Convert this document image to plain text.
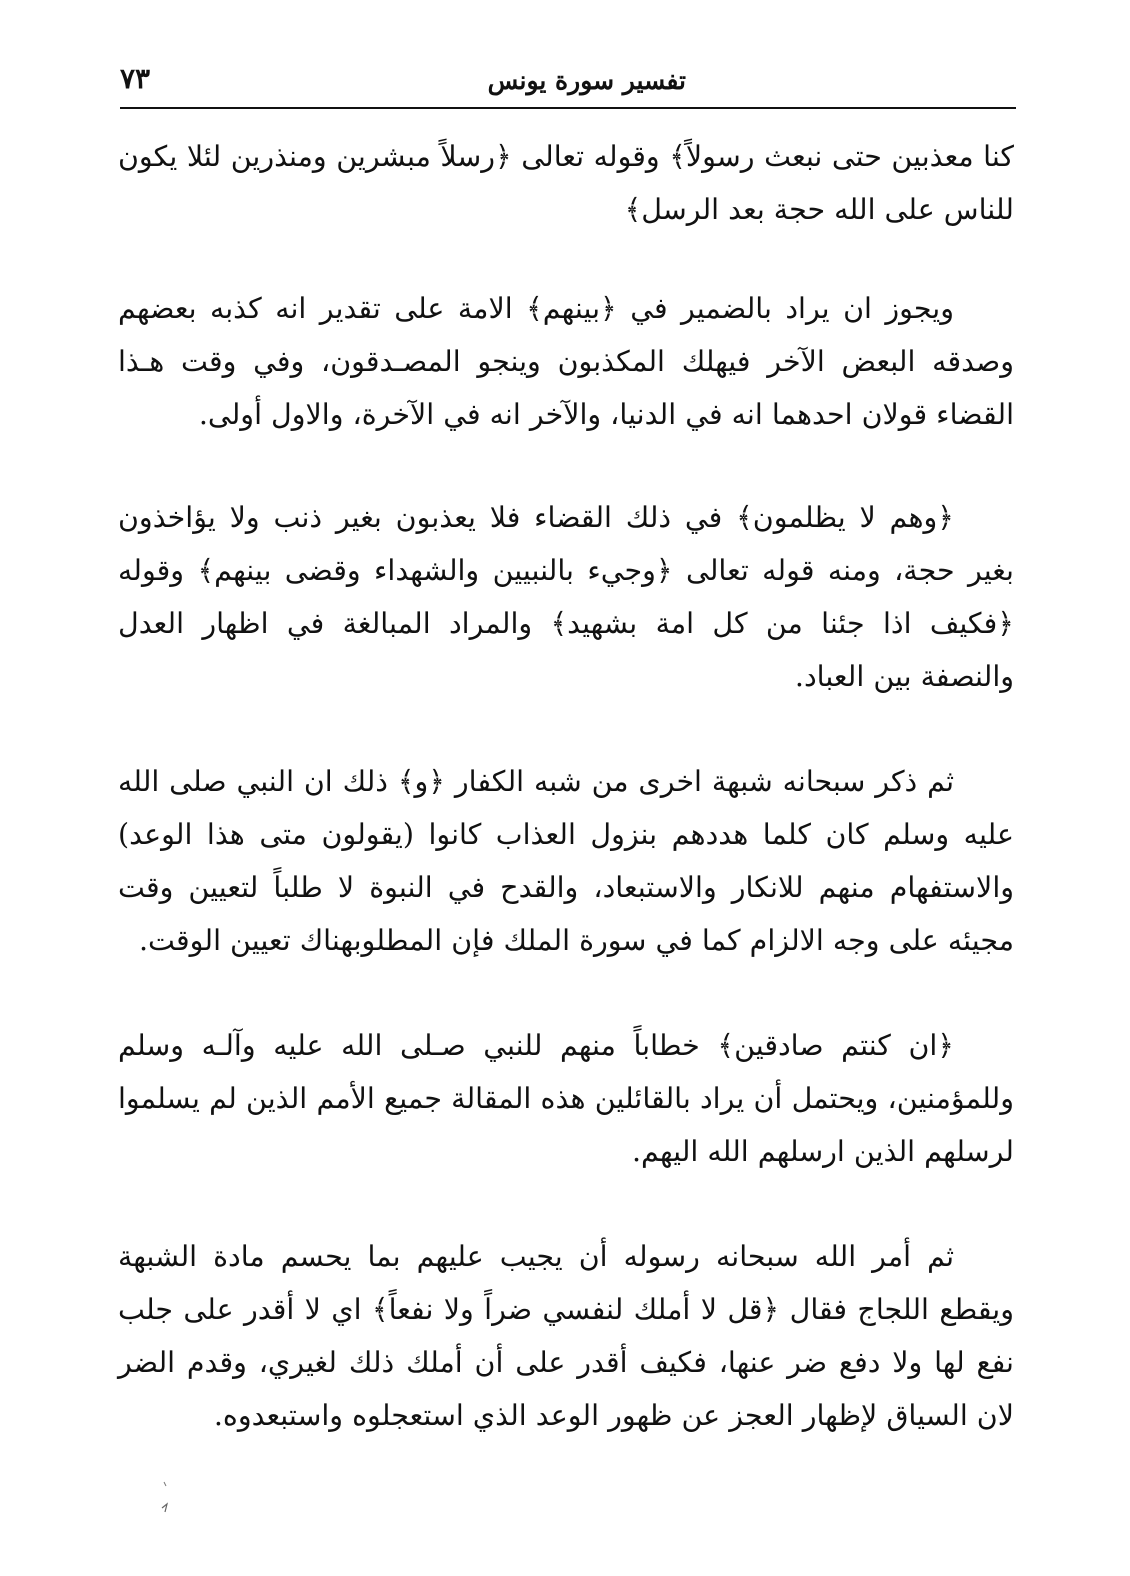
تفسير سورة يونس
٧٣

كنا معذبين حتى نبعث رسولاً﴾ وقوله تعالى ﴿رسلاً مبشرين ومنذرين لئلا يكون للناس على الله حجة بعد الرسل﴾

ويجوز ان يراد بالضمير في ﴿بينهم﴾ الامة على تقدير انه كذبه بعضهم وصدقه البعض الآخر فيهلك المكذبون وينجو المصـدقون، وفي وقت هـذا القضاء قولان احدهما انه في الدنيا، والآخر انه في الآخرة، والاول أولى.

﴿وهم لا يظلمون﴾ في ذلك القضاء فلا يعذبون بغير ذنب ولا يؤاخذون بغير حجة، ومنه قوله تعالى ﴿وجيء بالنبيين والشهداء وقضى بينهم﴾ وقوله ﴿فكيف اذا جئنا من كل امة بشهيد﴾ والمراد المبالغة في اظهار العدل والنصفة بين العباد.

ثم ذكر سبحانه شبهة اخرى من شبه الكفار ﴿و﴾ ذلك ان النبي صلى الله عليه وسلم كان كلما هددهم بنزول العذاب كانوا (يقولون متى هذا الوعد) والاستفهام منهم للانكار والاستبعاد، والقدح في النبوة لا طلباً لتعيين وقت مجيئه على وجه الالزام كما في سورة الملك فإن المطلوبهناك تعيين الوقت.

﴿ان كنتم صادقين﴾ خطاباً منهم للنبي صـلى الله عليه وآلـه وسلم وللمؤمنين، ويحتمل أن يراد بالقائلين هذه المقالة جميع الأمم الذين لم يسلموا لرسلهم الذين ارسلهم الله اليهم.

ثم أمر الله سبحانه رسوله أن يجيب عليهم بما يحسم مادة الشبهة ويقطع اللجاج فقال ﴿قل لا أملك لنفسي ضراً ولا نفعاً﴾ اي لا أقدر على جلب نفع لها ولا دفع ضر عنها، فكيف أقدر على أن أملك ذلك لغيري، وقدم الضر لان السياق لإظهار العجز عن ظهور الوعد الذي استعجلوه واستبعدوه.
